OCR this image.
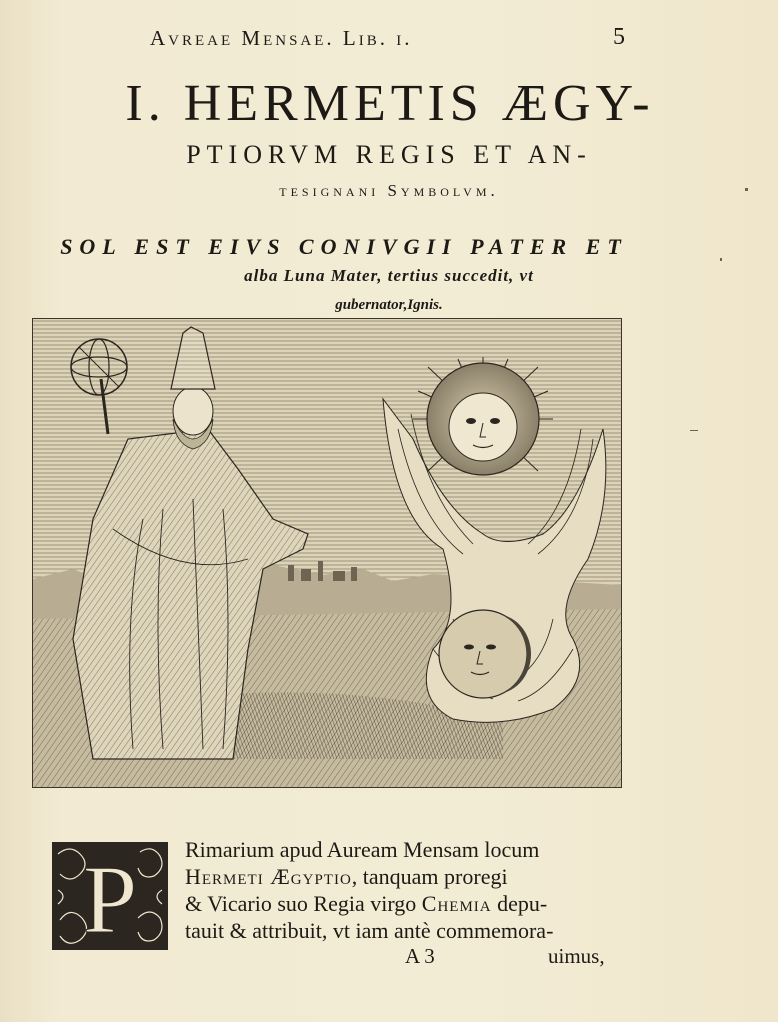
Avreae Mensae. Lib. i.	5
I. HERMETIS ÆGY-
PTIORVM REGIS ET AN-
tesignani Symbolvm.
SOL EST EIVS CONIVGII PATER ET
alba Luna Mater, tertius succedit, vt
gubernator,Ignis.
P Rimarium apud Auream Mensam locum
Hermeti Ægyptio, tanquam proregi
& Vicario suo Regia virgo Chemia depu-
tauit & attribuit, vt iam antè commemora-
A 3	uimus,
